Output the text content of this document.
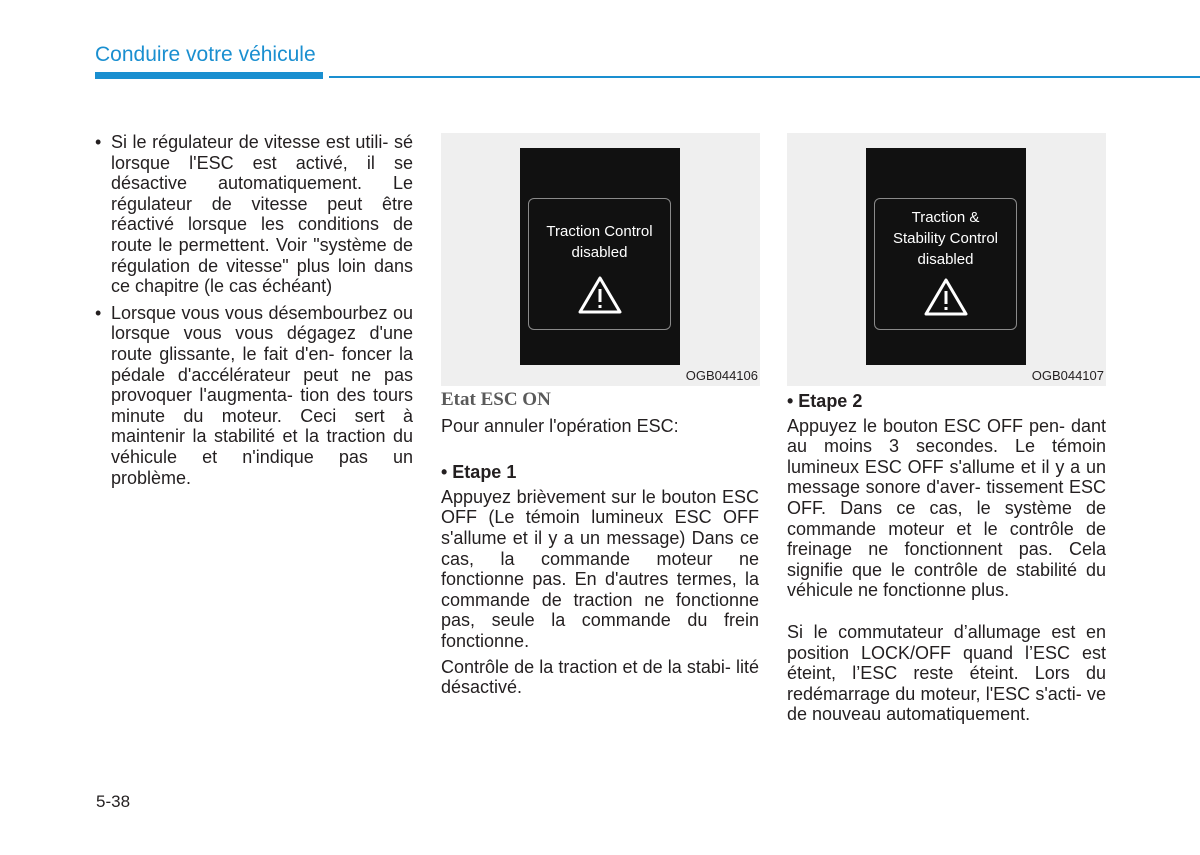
Conduire votre véhicule
• Si le régulateur de vitesse est utili- sé lorsque l'ESC est activé, il se désactive automatiquement. Le régulateur de vitesse peut être réactivé lorsque les conditions de route le permettent. Voir "système de régulation de vitesse" plus loin dans ce chapitre (le cas échéant)
• Lorsque vous vous désembourbez ou lorsque vous vous dégagez d'une route glissante, le fait d'en- foncer la pédale d'accélérateur peut ne pas provoquer l'augmenta- tion des tours minute du moteur. Ceci sert à maintenir la stabilité et la traction du véhicule et n'indique pas un problème.
Traction Control
disabled
OGB044106
Traction &
Stability Control
disabled
OGB044107
Etat ESC ON

Pour annuler l'opération ESC:

• Etape 1

Appuyez brièvement sur le bouton ESC OFF (Le témoin lumineux ESC OFF s'allume et il y a un message) Dans ce cas, la commande moteur ne fonctionne pas. En d'autres termes, la commande de traction ne fonctionne pas, seule la commande du frein fonctionne.

Contrôle de la traction et de la stabi- lité désactivé.

• Etape 2

Appuyez le bouton ESC OFF pen- dant au moins 3 secondes. Le témoin lumineux ESC OFF s'allume et il y a un message sonore d'aver- tissement ESC OFF. Dans ce cas, le système de commande moteur et le contrôle de freinage ne fonctionnent pas. Cela signifie que le contrôle de stabilité du véhicule ne fonctionne plus.

Si le commutateur d’allumage est en position LOCK/OFF quand l’ESC est éteint, l’ESC reste éteint. Lors du redémarrage du moteur, l'ESC s'acti- ve de nouveau automatiquement.

5-38
